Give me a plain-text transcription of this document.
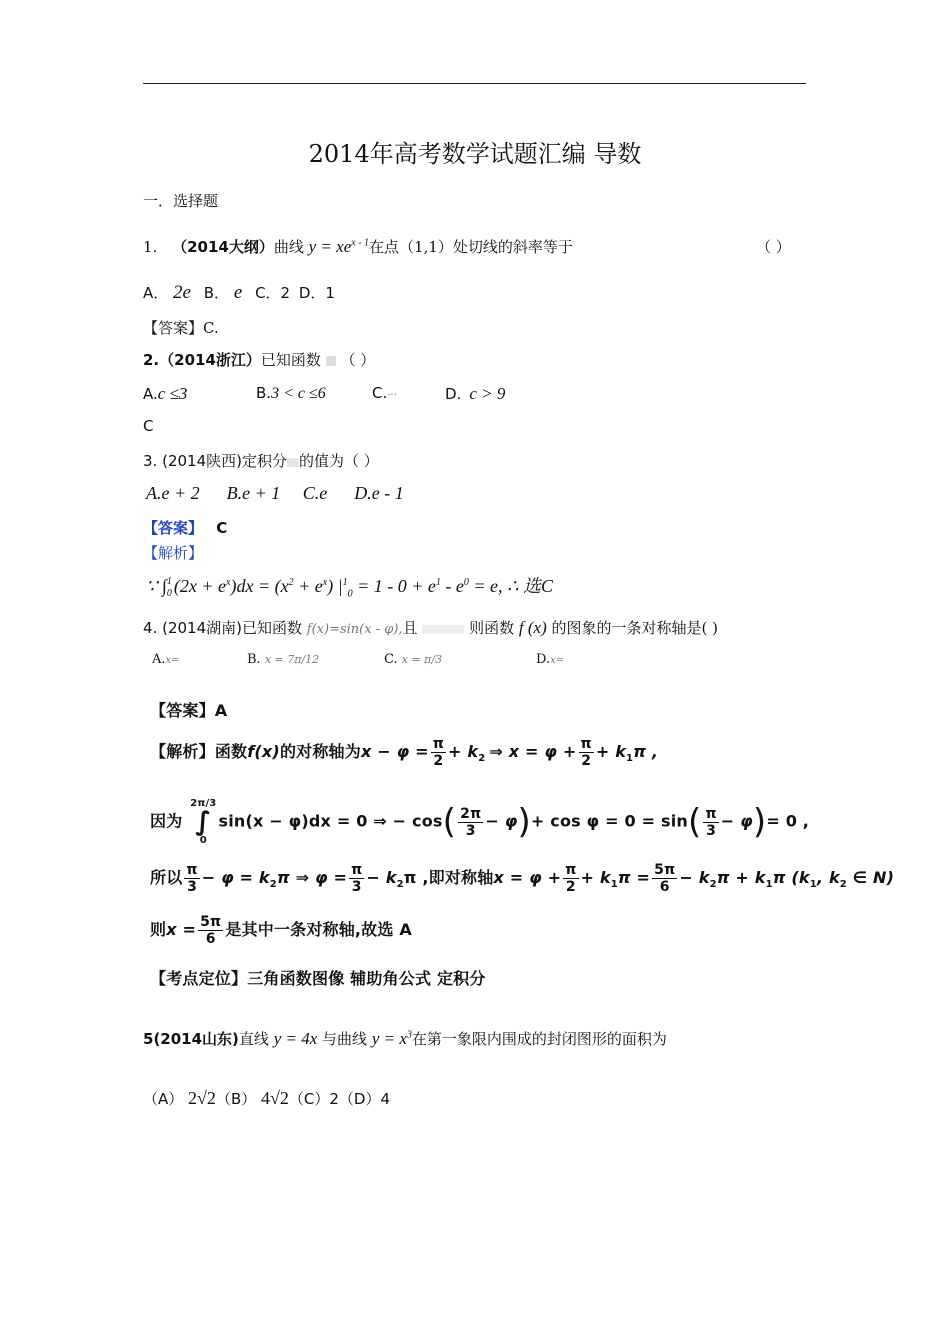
2014年高考数学试题汇编 导数
一．选择题
1. （2014大纲）曲线 $y = xe^{x - 1}$在点（1,1）处切线的斜率等于	（ ）
A． 2e B． e C．2 D．1
【答案】C.
2.（2014浙江）已知函数 （ ）
A.c ≤3	B.3 < c ≤6	C.···	D. c > 9
C
3. (2014陕西)定积分 的值为（ ）
A.e + 2      B.e + 1     C.e      D.e - 1
【答案】 C
【解析】
∵ ∫ 1
0 $(2x + e^x)dx = (x^2 + e^x)$ $|^1_0 = 1 - 0 + e^1 - e^0 = e$, ∴ 选C
4. (2014湖南)已知函数 f(x)=sin(x - φ),且	则函数 f (x) 的图象的一条对称轴是( )
A.x=	B. x = 7π/12	C. x = π/3	D.x=
【答案】A
【解析】函数f(x)的对称轴为$x - \varphi = \frac{\pi}{2} + k_2$ ⇒ $x = \varphi + \frac{\pi}{2} + k_1\pi$ ,
因为
2π/3
∫
0
sin(x − φ)dx = 0 ⇒ − $\cos( \frac{2\pi}{3} - \varphi)+ \cos \varphi = 0 = \sin( \frac{\pi}{3} - \varphi)= 0$ ,
所以 $\frac{\pi}{3} - \varphi = k_2\pi$ ⇒ $\varphi = \frac{\pi}{3} - k_2\pi$ ,即对称轴$x = \varphi + \frac{\pi}{2} + k_1\pi = \frac{5\pi}{6} - k_2\pi + k_1\pi$ ($k_1$, $k_2$ ∈ N)
则$x = \frac{5\pi}{6}$ 是其中一条对称轴,故选 A
【考点定位】三角函数图像 辅助角公式 定积分
5(2014山东)直线 y = 4x 与曲线 $y = x^3$在第一象限内围成的封闭图形的面积为
（A） 2√2（B） 4√2（C）2（D）4
